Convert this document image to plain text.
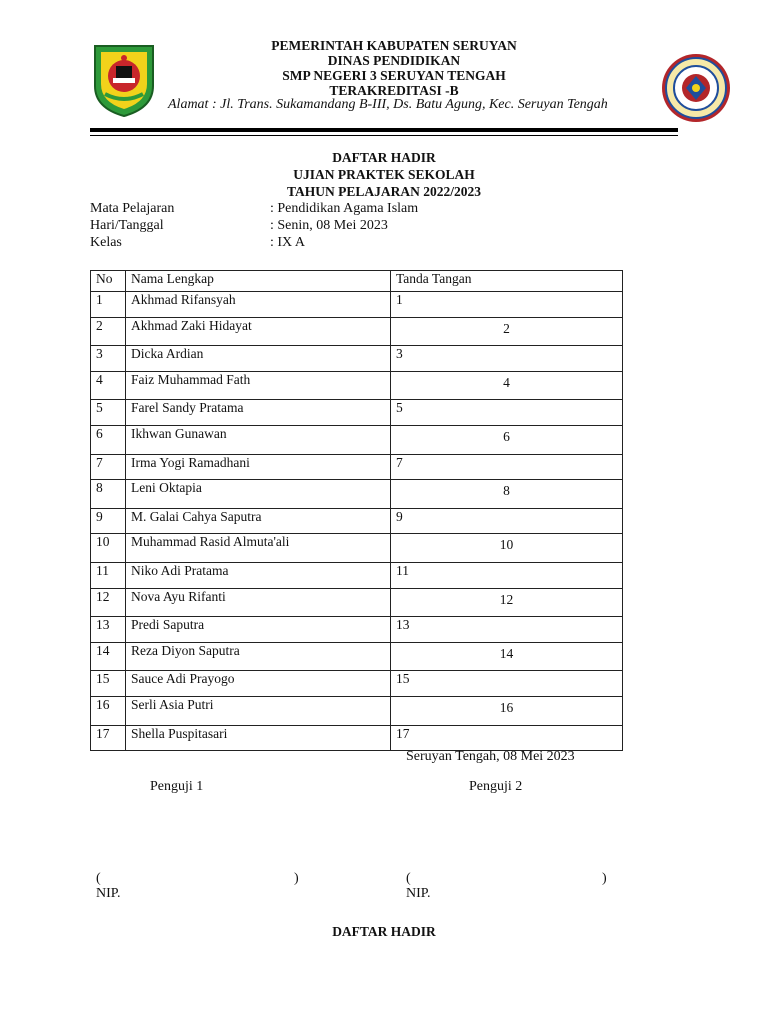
PEMERINTAH KABUPATEN SERUYAN
DINAS PENDIDIKAN
SMP NEGERI 3 SERUYAN TENGAH
TERAKREDITASI -B
Alamat : Jl. Trans. Sukamandang B-III, Ds. Batu Agung, Kec. Seruyan Tengah
DAFTAR HADIR
UJIAN PRAKTEK SEKOLAH
TAHUN PELAJARAN 2022/2023
Mata Pelajaran	: Pendidikan Agama Islam
Hari/Tanggal	: Senin, 08 Mei 2023
Kelas	: IX A
No	Nama Lengkap	Tanda Tangan
1	Akhmad Rifansyah	1
2	Akhmad Zaki Hidayat	2
3	Dicka Ardian	3
4	Faiz Muhammad Fath	4
5	Farel Sandy Pratama	5
6	Ikhwan Gunawan	6
7	Irma Yogi Ramadhani	7
8	Leni Oktapia	8
9	M. Galai Cahya Saputra	9
10	Muhammad Rasid Almuta'ali	10
11	Niko Adi Pratama	11
12	Nova Ayu Rifanti	12
13	Predi Saputra	13
14	Reza Diyon Saputra	14
15	Sauce Adi Prayogo	15
16	Serli Asia Putri	16
17	Shella Puspitasari	17
Seruyan Tengah, 08 Mei 2023
Penguji 1	Penguji 2
(	)
NIP.
(	)
NIP.
DAFTAR HADIR
